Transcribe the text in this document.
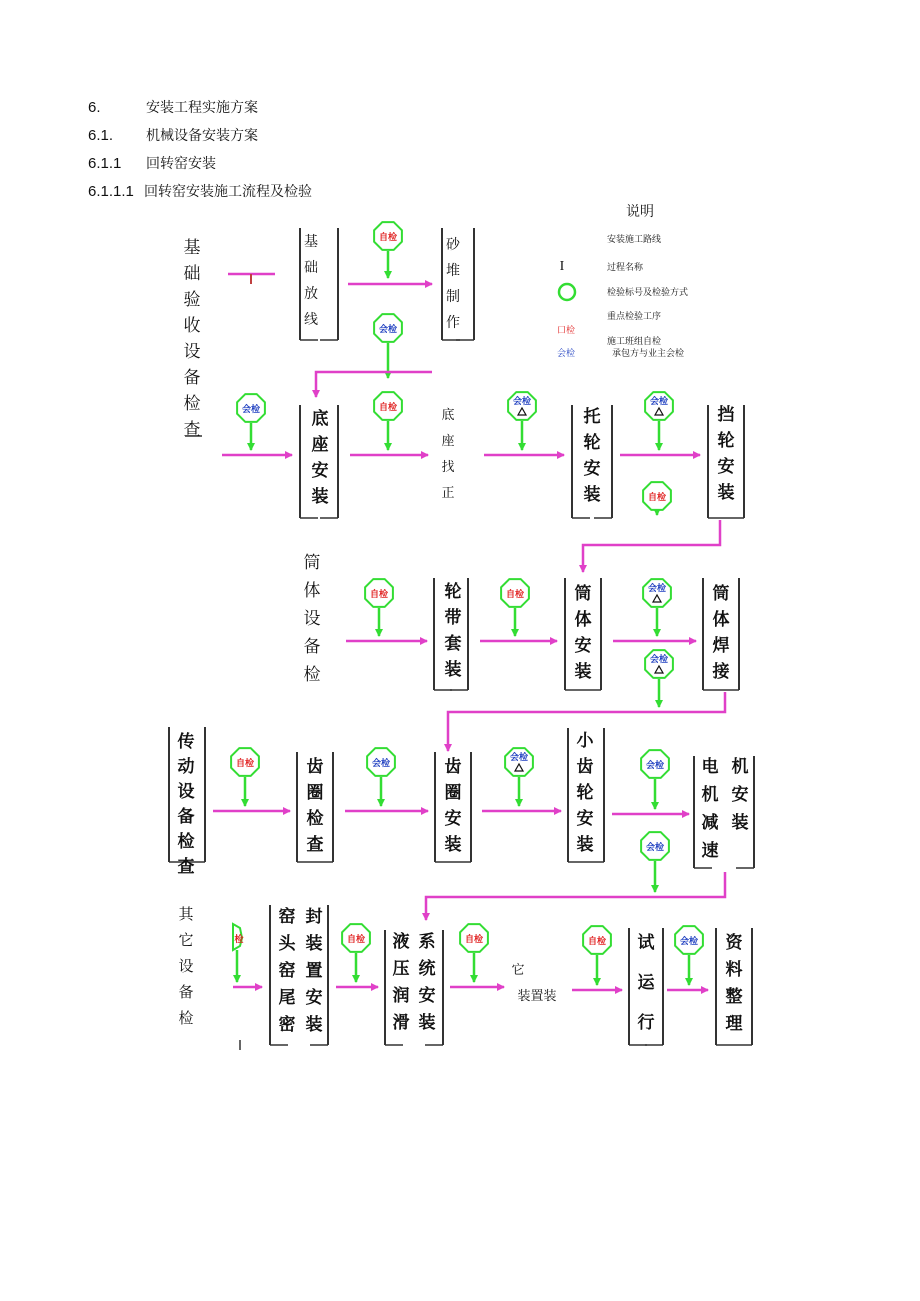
6.	安装工程实施方案
6.1. 机械设备安装方案
6.1.1 回转窑安装
6.1.1.1 回转窑安装施工流程及检验
说明
安装施工路线
I	过程名称
检验标号及检验方式
重点检验工序
口检
施工班组自检
会检	承包方与业主会检
基
础
验
收
设
备
检
查
基
础
放
线
自检
会检
砂
堆
制
作
会检	底
座
安
装
自检	底
座
找
正
会检
托
轮
安
装
会检
挡
轮
安
装
自检
筒
体
设
备
检
自检	轮
带
套
装
自检	筒
体
安
装
会检	筒
体
焊
接
会检
传
动
设
备
检
查
自检	齿
圈
检
查
会检	齿
圈
安
装
会检
小
齿
轮
安
装
会检	机
安
装
电
机
减
速
会检
其
它
设
备
检
检
封
装
置
安
装
窑
头
窑
尾
密
自检	系
统
安
装
液
压
润
滑
自检
它
装置装
自检 试
运
行
会检 资
料
整
理
